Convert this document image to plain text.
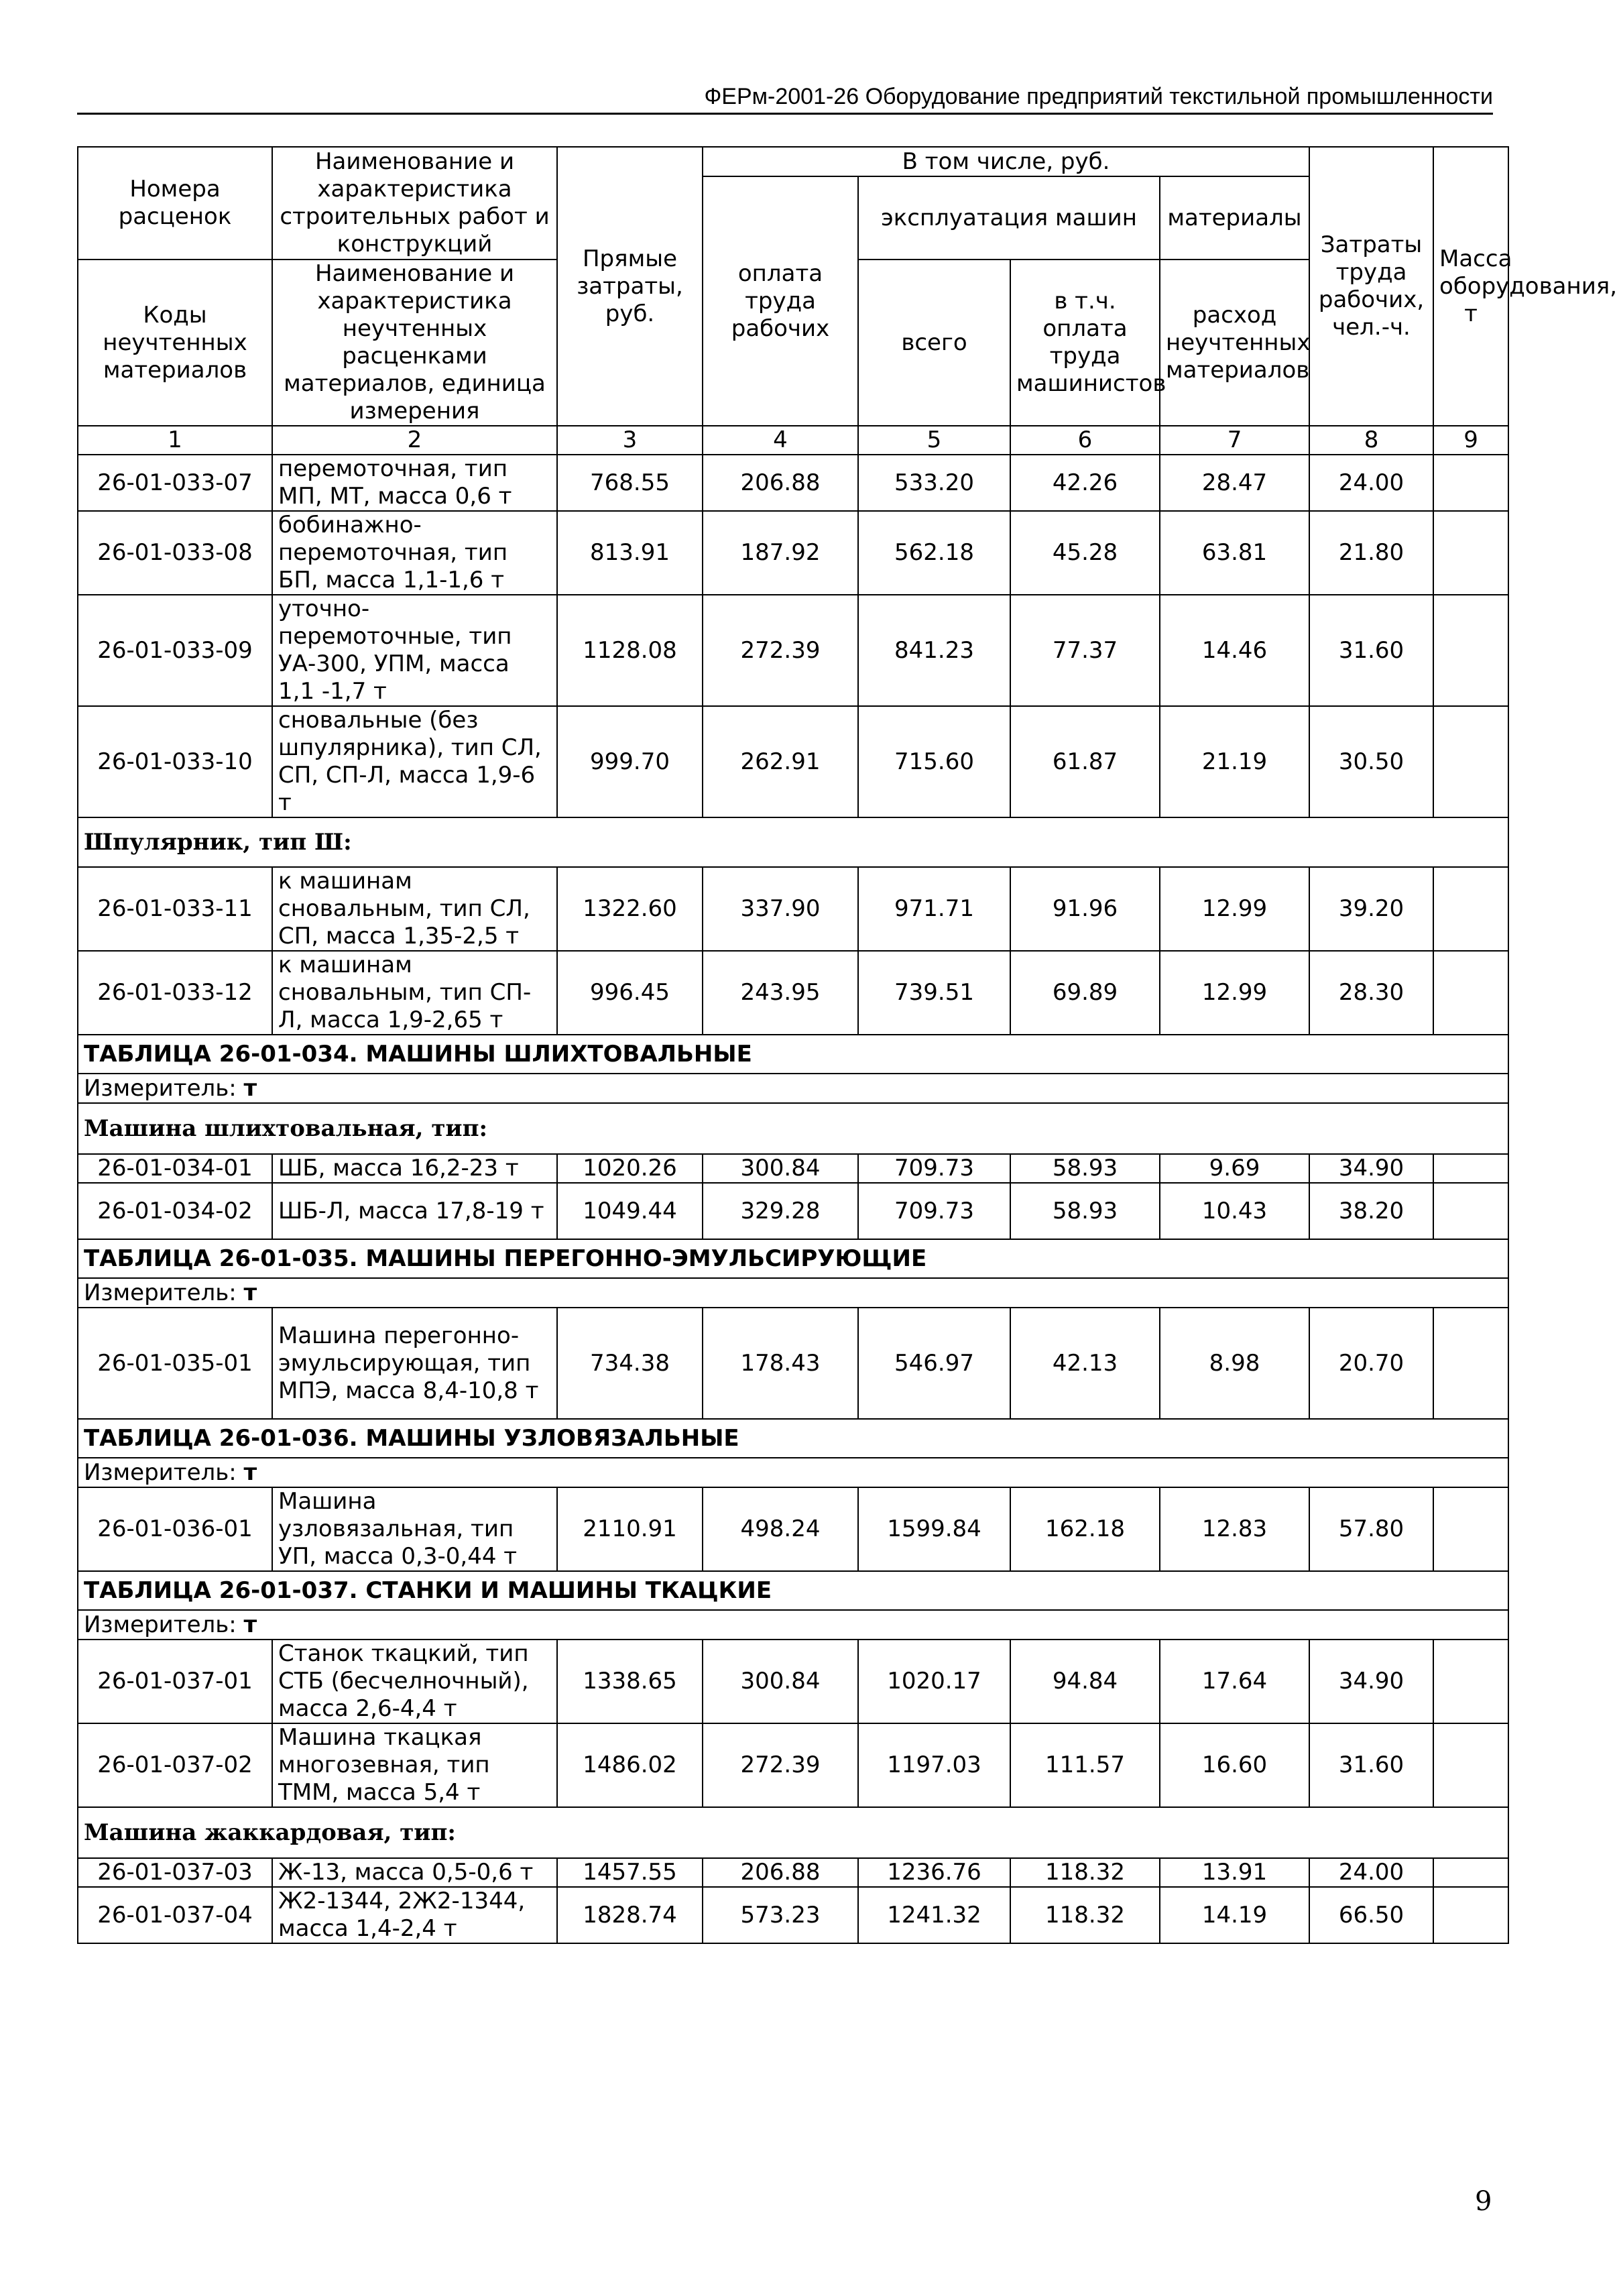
ФЕРм-2001-26 Оборудование предприятий текстильной промышленности
Номера расценок	Наименование и характеристика строительных работ и конструкций	Прямые затраты, руб.	В том числе, руб.				Затраты труда рабочих, чел.-ч.	Масса оборудования, т
			оплата труда рабочих	эксплуатация машин		материалы		
Коды неучтенных материалов	Наименование и характеристика неучтенных расценками материалов, единица измерения			всего	в т.ч. оплата труда машинистов	расход неучтенных материалов		

1	2	3	4	5	6	7	8	9
26-01-033-07	перемоточная, тип МП, МТ, масса 0,6 т	768.55	206.88	533.20	42.26	28.47	24.00	
26-01-033-08	бобинажно-перемоточная, тип БП, масса 1,1-1,6 т	813.91	187.92	562.18	45.28	63.81	21.80	
26-01-033-09	уточно-перемоточные, тип УА-300, УПМ, масса 1,1 -1,7 т	1128.08	272.39	841.23	77.37	14.46	31.60	
26-01-033-10	сновальные (без шпулярника), тип СЛ, СП, СП-Л, масса 1,9-6 т	999.70	262.91	715.60	61.87	21.19	30.50	
Шпулярник, тип Ш:								
26-01-033-11	к машинам сновальным, тип СЛ, СП, масса 1,35-2,5 т	1322.60	337.90	971.71	91.96	12.99	39.20	
26-01-033-12	к машинам сновальным, тип СП-Л, масса 1,9-2,65 т	996.45	243.95	739.51	69.89	12.99	28.30	
ТАБЛИЦА 26-01-034. МАШИНЫ ШЛИХТОВАЛЬНЫЕ								
Измеритель: т								
Машина шлихтовальная, тип:								
26-01-034-01	ШБ, масса 16,2-23 т	1020.26	300.84	709.73	58.93	9.69	34.90	
26-01-034-02	ШБ-Л, масса 17,8-19 т	1049.44	329.28	709.73	58.93	10.43	38.20	
ТАБЛИЦА 26-01-035. МАШИНЫ ПЕРЕГОННО-ЭМУЛЬСИРУЮЩИЕ								
Измеритель: т								
26-01-035-01	Машина перегонно-эмульсирующая, тип МПЭ, масса 8,4-10,8 т	734.38	178.43	546.97	42.13	8.98	20.70	
ТАБЛИЦА 26-01-036. МАШИНЫ УЗЛОВЯЗАЛЬНЫЕ								
Измеритель: т								
26-01-036-01	Машина узловязальная, тип УП, масса 0,3-0,44 т	2110.91	498.24	1599.84	162.18	12.83	57.80	
ТАБЛИЦА 26-01-037. СТАНКИ И МАШИНЫ ТКАЦКИЕ								
Измеритель: т								
26-01-037-01	Станок ткацкий, тип СТБ (бесчелночный), масса 2,6-4,4 т	1338.65	300.84	1020.17	94.84	17.64	34.90	
26-01-037-02	Машина ткацкая многозевная, тип ТММ, масса 5,4 т	1486.02	272.39	1197.03	111.57	16.60	31.60	
Машина жаккардовая, тип:								
26-01-037-03	Ж-13, масса 0,5-0,6 т	1457.55	206.88	1236.76	118.32	13.91	24.00	
26-01-037-04	Ж2-1344, 2Ж2-1344, масса 1,4-2,4 т	1828.74	573.23	1241.32	118.32	14.19	66.50	
9
